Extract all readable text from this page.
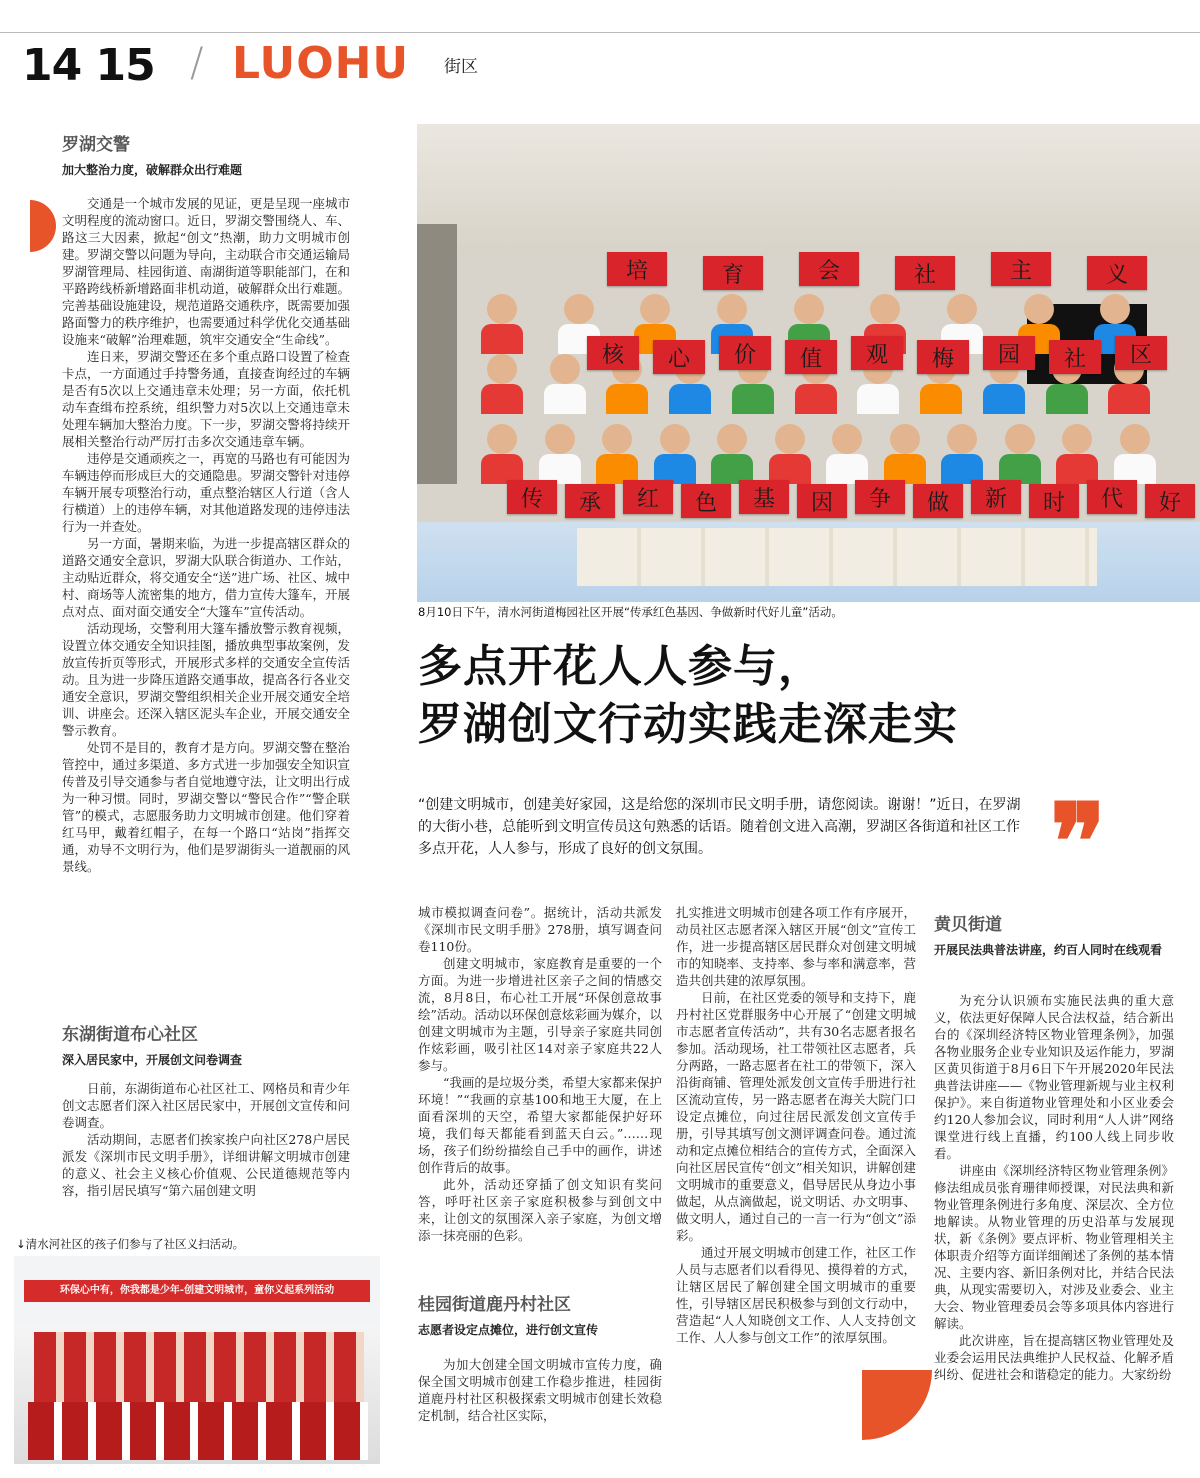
14 15 / LUOHU 街区
罗湖交警
加大整治力度，破解群众出行难题

交通是一个城市发展的见证，更是呈现一座城市文明程度的流动窗口。近日，罗湖交警围绕人、车、路这三大因素，掀起“创文”热潮，助力文明城市创建。罗湖交警以问题为导向，主动联合市交通运输局罗湖管理局、桂园街道、南湖街道等职能部门，在和平路跨线桥新增路面非机动道，破解群众出行难题。完善基础设施建设，规范道路交通秩序，既需要加强路面警力的秩序维护，也需要通过科学优化交通基础设施来“破解”治理难题，筑牢交通安全“生命线”。

连日来，罗湖交警还在多个重点路口设置了检查卡点，一方面通过手持警务通，直接查询经过的车辆是否有5次以上交通违章未处理；另一方面，依托机动车查缉布控系统，组织警力对5次以上交通违章未处理车辆加大整治力度。下一步，罗湖交警将持续开展相关整治行动严厉打击多次交通违章车辆。

违停是交通顽疾之一，再宽的马路也有可能因为车辆违停而形成巨大的交通隐患。罗湖交警针对违停车辆开展专项整治行动，重点整治辖区人行道（含人行横道）上的违停车辆，对其他道路发现的违停违法行为一并查处。

另一方面，暑期来临，为进一步提高辖区群众的道路交通安全意识，罗湖大队联合街道办、工作站，主动贴近群众，将交通安全“送”进广场、社区、城中村、商场等人流密集的地方，借力宣传大篷车，开展点对点、面对面交通安全“大篷车”宣传活动。

活动现场，交警利用大篷车播放警示教育视频，设置立体交通安全知识挂图，播放典型事故案例，发放宣传折页等形式，开展形式多样的交通安全宣传活动。且为进一步降压道路交通事故，提高各行各业交通安全意识，罗湖交警组织相关企业开展交通安全培训、讲座会。还深入辖区泥头车企业，开展交通安全警示教育。

处罚不是目的，教育才是方向。罗湖交警在整治管控中，通过多渠道、多方式进一步加强安全知识宣传普及引导交通参与者自觉地遵守法，让文明出行成为一种习惯。同时，罗湖交警以“警民合作”“警企联管”的模式，志愿服务助力文明城市创建。他们穿着红马甲，戴着红帽子，在每一个路口“站岗”指挥交通，劝导不文明行为，他们是罗湖街头一道靓丽的风景线。

东湖街道布心社区
深入居民家中，开展创文问卷调查

日前，东湖街道布心社区社工、网格员和青少年创文志愿者们深入社区居民家中，开展创文宣传和问卷调查。

活动期间，志愿者们挨家挨户向社区278户居民派发《深圳市民文明手册》，详细讲解文明城市创建的意义、社会主义核心价值观、公民道德规范等内容，指引居民填写“第六届创建文明

↓清水河社区的孩子们参与了社区义扫活动。
环保心中有，你我都是少年-创建文明城市，童你义起系列活动
培	育	会	社	主	义
核	心	价	值	观	梅	园	社	区
传	承	红	色	基	因	争	做	新	时	代	好
8月10日下午，清水河街道梅园社区开展“传承红色基因、争做新时代好儿童”活动。
多点开花人人参与，
罗湖创文行动实践走深走实
“创建文明城市，创建美好家园，这是给您的深圳市民文明手册，请您阅读。谢谢！”近日，在罗湖的大街小巷，总能听到文明宣传员这句熟悉的话语。随着创文进入高潮，罗湖区各街道和社区工作多点开花，人人参与，形成了良好的创文氛围。	❞

城市模拟调查问卷”。据统计，活动共派发《深圳市民文明手册》278册，填写调查问卷110份。

创建文明城市，家庭教育是重要的一个方面。为进一步增进社区亲子之间的情感交流，8月8日，布心社工开展“环保创意故事绘”活动。活动以环保创意炫彩画为媒介，以创建文明城市为主题，引导亲子家庭共同创作炫彩画，吸引社区14对亲子家庭共22人参与。

“我画的是垃圾分类，希望大家都来保护环境！”“我画的京基100和地王大厦，在上面看深圳的天空，希望大家都能保护好环境，我们每天都能看到蓝天白云。”……现场，孩子们纷纷描绘自己手中的画作，讲述创作背后的故事。

此外，活动还穿插了创文知识有奖问答，呼吁社区亲子家庭积极参与到创文中来，让创文的氛围深入亲子家庭，为创文增添一抹亮丽的色彩。

桂园街道鹿丹村社区
志愿者设定点摊位，进行创文宣传

为加大创建全国文明城市宣传力度，确保全国文明城市创建工作稳步推进，桂园街道鹿丹村社区积极探索文明城市创建长效稳定机制，结合社区实际，

扎实推进文明城市创建各项工作有序展开，动员社区志愿者深入辖区开展“创文”宣传工作，进一步提高辖区居民群众对创建文明城市的知晓率、支持率、参与率和满意率，营造共创共建的浓厚氛围。

日前，在社区党委的领导和支持下，鹿丹村社区党群服务中心开展了“创建文明城市志愿者宣传活动”，共有30名志愿者报名参加。活动现场，社工带领社区志愿者，兵分两路，一路志愿者在社工的带领下，深入沿街商铺、管理处派发创文宣传手册进行社区流动宣传，另一路志愿者在海关大院门口设定点摊位，向过往居民派发创文宣传手册，引导其填写创文测评调查问卷。通过流动和定点摊位相结合的宣传方式，全面深入向社区居民宣传“创文”相关知识，讲解创建文明城市的重要意义，倡导居民从身边小事做起，从点滴做起，说文明话、办文明事、做文明人，通过自己的一言一行为“创文”添彩。

通过开展文明城市创建工作，社区工作人员与志愿者们以看得见、摸得着的方式，让辖区居民了解创建全国文明城市的重要性，引导辖区居民积极参与到创文行动中，营造起“人人知晓创文工作、人人支持创文工作、人人参与创文工作”的浓厚氛围。

黄贝街道
开展民法典普法讲座，约百人同时在线观看

为充分认识颁布实施民法典的重大意义，依法更好保障人民合法权益，结合新出台的《深圳经济特区物业管理条例》，加强各物业服务企业专业知识及运作能力，罗湖区黄贝街道于8月6日下午开展2020年民法典普法讲座——《物业管理新规与业主权利保护》。来自街道物业管理处和小区业委会约120人参加会议，同时利用“人人讲”网络课堂进行线上直播，约100人线上同步收看。

讲座由《深圳经济特区物业管理条例》修法组成员张育珊律师授课，对民法典和新物业管理条例进行多角度、深层次、全方位地解读。从物业管理的历史沿革与发展现状，新《条例》要点评析、物业管理相关主体职责介绍等方面详细阐述了条例的基本情况、主要内容、新旧条例对比，并结合民法典，从现实需要切入，对涉及业委会、业主大会、物业管理委员会等多项具体内容进行解读。

此次讲座，旨在提高辖区物业管理处及业委会运用民法典维护人民权益、化解矛盾纠纷、促进社会和谐稳定的能力。大家纷纷
